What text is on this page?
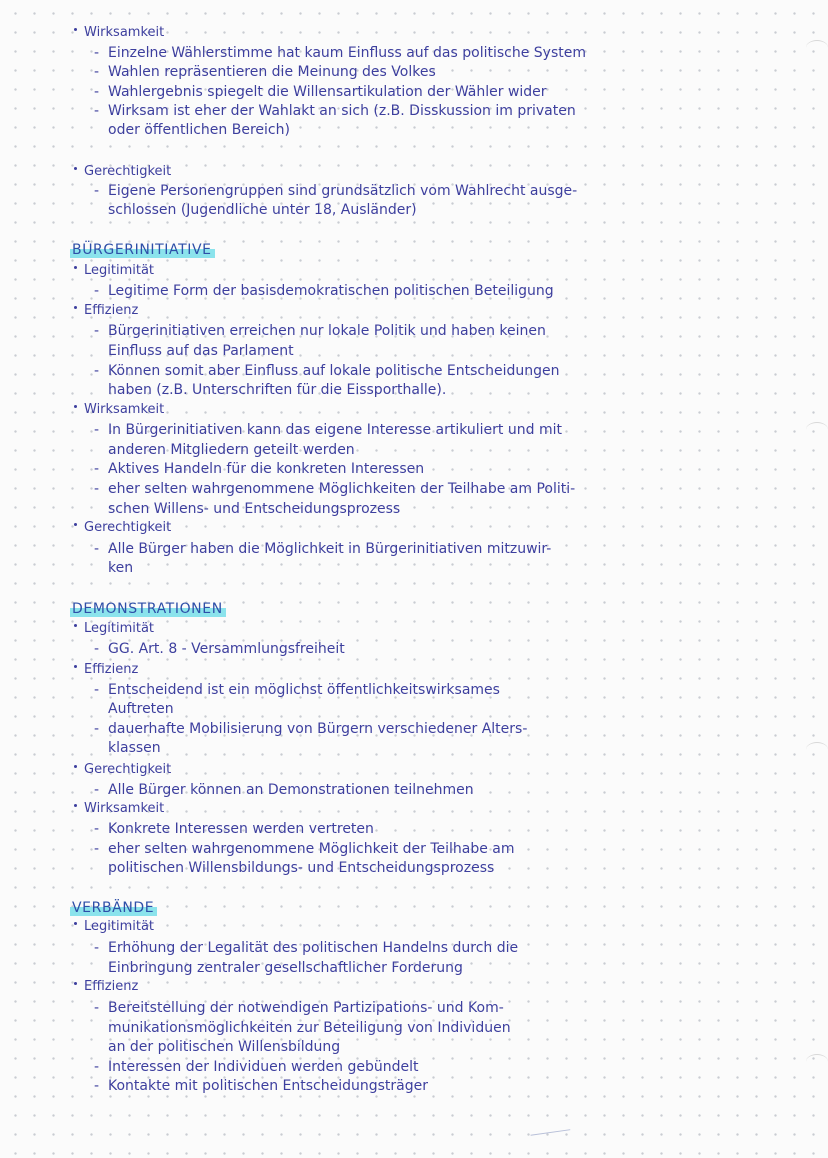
Wirksamkeit
- Einzelne Wählerstimme hat kaum Einfluss auf das politische System
- Wahlen repräsentieren die Meinung des Volkes
- Wahlergebnis spiegelt die Willensartikulation der Wähler wider
- Wirksam ist eher der Wahlakt an sich (z.B. Disskussion im privaten
oder öffentlichen Bereich)
Gerechtigkeit
- Eigene Personengruppen sind grundsätzlich vom Wahlrecht ausge-
schlossen (Jugendliche unter 18, Ausländer)
BÜRGERINITIATIVE
Legitimität
- Legitime Form der basisdemokratischen politischen Beteiligung
Effizienz
- Bürgerinitiativen erreichen nur lokale Politik und haben keinen
Einfluss auf das Parlament
- Können somit aber Einfluss auf lokale politische Entscheidungen
haben (z.B. Unterschriften für die Eissporthalle).
Wirksamkeit
- In Bürgerinitiativen kann das eigene Interesse artikuliert und mit
anderen Mitgliedern geteilt werden
- Aktives Handeln für die konkreten Interessen
- eher selten wahrgenommene Möglichkeiten der Teilhabe am Politi-
schen Willens- und Entscheidungsprozess
Gerechtigkeit
- Alle Bürger haben die Möglichkeit in Bürgerinitiativen mitzuwir-
ken
DEMONSTRATIONEN
Legitimität
- GG. Art. 8 - Versammlungsfreiheit
Effizienz
- Entscheidend ist ein möglichst öffentlichkeitswirksames
Auftreten
- dauerhafte Mobilisierung von Bürgern verschiedener Alters-
klassen
Gerechtigkeit
- Alle Bürger können an Demonstrationen teilnehmen
Wirksamkeit
- Konkrete Interessen werden vertreten
- eher selten wahrgenommene Möglichkeit der Teilhabe am
politischen Willensbildungs- und Entscheidungsprozess
VERBÄNDE
Legitimität
- Erhöhung der Legalität des politischen Handelns durch die
Einbringung zentraler gesellschaftlicher Forderung
Effizienz
- Bereitstellung der notwendigen Partizipations- und Kom-
munikationsmöglichkeiten zur Beteiligung von Individuen
an der politischen Willensbildung
- Interessen der Individuen werden gebündelt
- Kontakte mit politischen Entscheidungsträger
